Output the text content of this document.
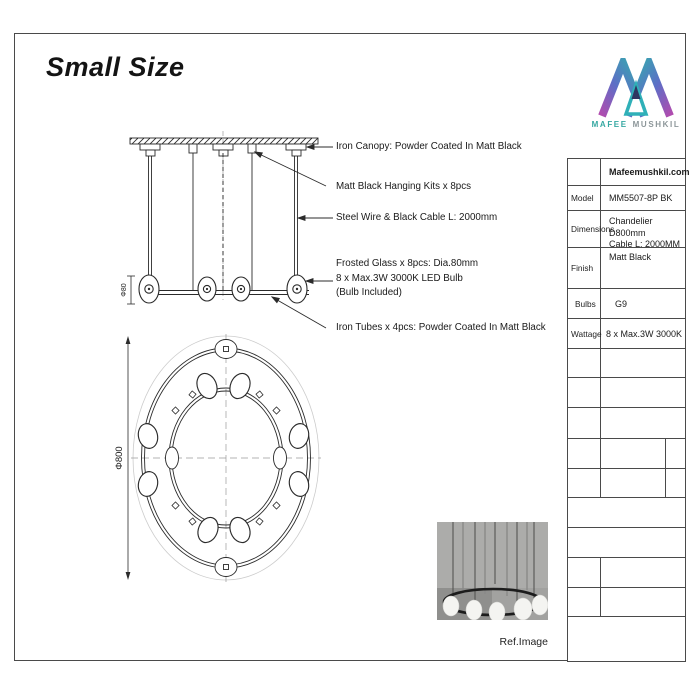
Small Size
MAFEE MUSHKIL
Φ80
Φ800
Iron Canopy: Powder Coated In Matt Black
Matt Black Hanging Kits x 8pcs
Steel Wire & Black Cable L: 2000mm
Frosted Glass x 8pcs: Dia.80mm
8 x Max.3W 3000K LED Bulb
(Bulb Included)
Iron Tubes x 4pcs: Powder Coated In Matt Black
Mafeemushkil.com
Model	MM5507-8P BK
Dimensions
Chandelier D800mm
Cable L: 2000MM
Finish
Matt Black
Bulbs	G9
Wattage 8 x Max.3W 3000K
Ref.Image
